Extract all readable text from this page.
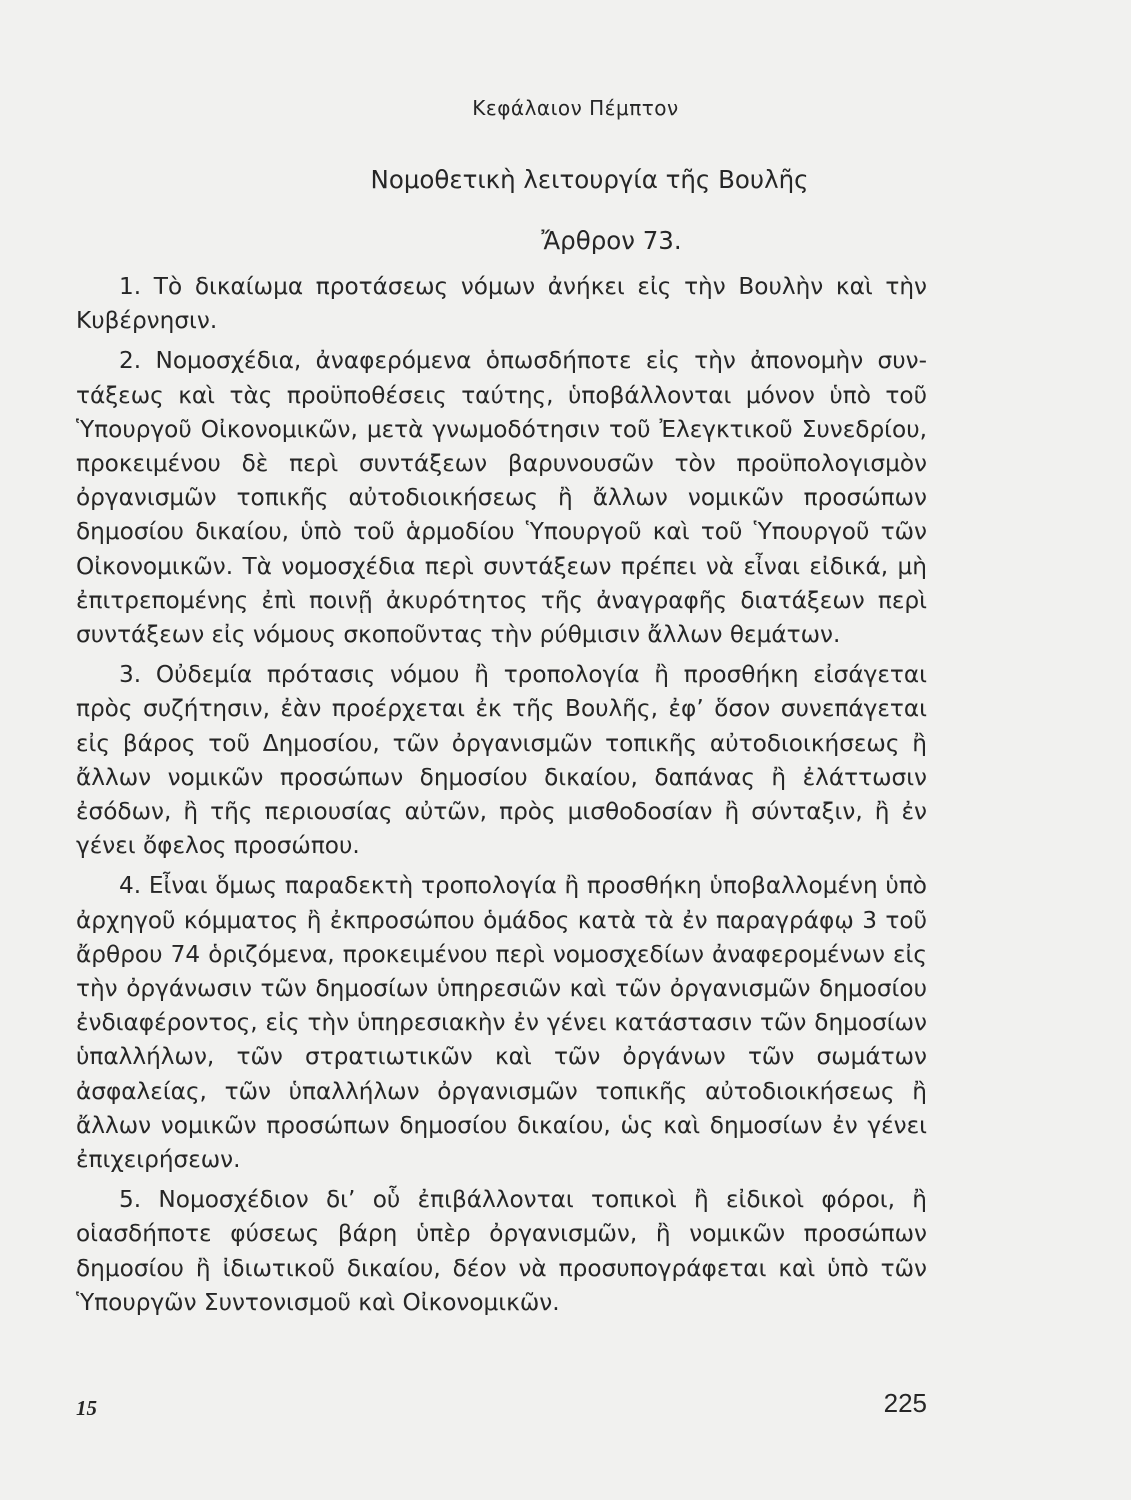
Κεφάλαιον Πέμπτον
Νομοθετικὴ λειτουργία τῆς Βουλῆς
Ἄρθρον 73.

1. Τὸ δικαίωμα προτάσεως νόμων ἀνήκει εἰς τὴν Βουλὴν καὶ τὴν Κυβέρνησιν.

2. Νομοσχέδια, ἀναφερόμενα ὁπωσδήποτε εἰς τὴν ἀπονομὴν συντάξεως καὶ τὰς προϋποθέσεις ταύτης, ὑποβάλλονται μόνον ὑπὸ τοῦ Ὑπουργοῦ Οἰκονομικῶν, μετὰ γνωμοδότησιν τοῦ Ἐλεγκτικοῦ Συνεδρίου, προκειμένου δὲ περὶ συντάξεων βαρυνουσῶν τὸν προϋπολογισμὸν ὀργανισμῶν τοπικῆς αὐτοδιοικήσεως ἢ ἄλλων νομικῶν προσώπων δημοσίου δικαίου, ὑπὸ τοῦ ἁρμοδίου Ὑπουργοῦ καὶ τοῦ Ὑπουργοῦ τῶν Οἰκονομικῶν. Τὰ νομοσχέδια περὶ συντάξεων πρέπει νὰ εἶναι εἰδικά, μὴ ἐπιτρεπομένης ἐπὶ ποινῇ ἀκυρότητος τῆς ἀναγραφῆς διατάξεων περὶ συντάξεων εἰς νόμους σκοποῦντας τὴν ρύθμισιν ἄλλων θεμάτων.

3. Οὐδεμία πρότασις νόμου ἢ τροπολογία ἢ προσθήκη εἰσάγεται πρὸς συζήτησιν, ἐὰν προέρχεται ἐκ τῆς Βουλῆς, ἐφ’ ὅσον συνεπάγεται εἰς βάρος τοῦ Δημοσίου, τῶν ὀργανισμῶν τοπικῆς αὐτοδιοικήσεως ἢ ἄλλων νομικῶν προσώπων δημοσίου δικαίου, δαπάνας ἢ ἐλάττωσιν ἐσόδων, ἢ τῆς περιουσίας αὐτῶν, πρὸς μισθοδοσίαν ἢ σύνταξιν, ἢ ἐν γένει ὄφελος προσώπου.

4. Εἶναι ὅμως παραδεκτὴ τροπολογία ἢ προσθήκη ὑποβαλλομένη ὑπὸ ἀρχηγοῦ κόμματος ἢ ἐκπροσώπου ὁμάδος κατὰ τὰ ἐν παραγράφῳ 3 τοῦ ἄρθρου 74 ὁριζόμενα, προκειμένου περὶ νομοσχεδίων ἀναφερομένων εἰς τὴν ὀργάνωσιν τῶν δημοσίων ὑπηρεσιῶν καὶ τῶν ὀργανισμῶν δημοσίου ἐνδιαφέροντος, εἰς τὴν ὑπηρεσιακὴν ἐν γένει κατάστασιν τῶν δημοσίων ὑπαλλήλων, τῶν στρατιωτικῶν καὶ τῶν ὀργάνων τῶν σωμάτων ἀσφαλείας, τῶν ὑπαλλήλων ὀργανισμῶν τοπικῆς αὐτοδιοικήσεως ἢ ἄλλων νομικῶν προσώπων δημοσίου δικαίου, ὡς καὶ δημοσίων ἐν γένει ἐπιχειρήσεων.

5. Νομοσχέδιον δι’ οὗ ἐπιβάλλονται τοπικοὶ ἢ εἰδικοὶ φόροι, ἢ οἱασδήποτε φύσεως βάρη ὑπὲρ ὀργανισμῶν, ἢ νομικῶν προσώπων δημοσίου ἢ ἰδιωτικοῦ δικαίου, δέον νὰ προσυπογράφεται καὶ ὑπὸ τῶν Ὑπουργῶν Συντονισμοῦ καὶ Οἰκονομικῶν.

15	225
